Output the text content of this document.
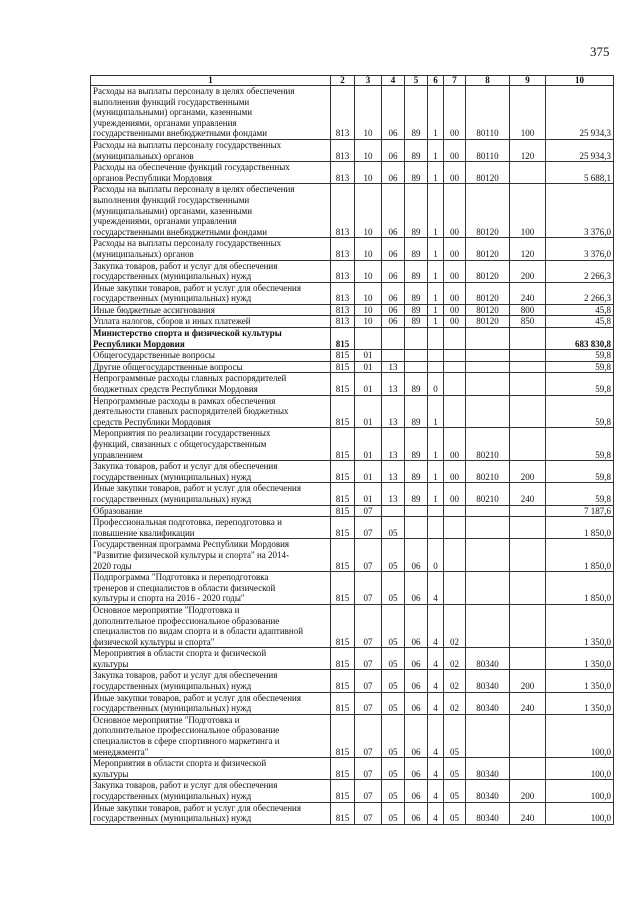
375
1	2	3	4	5	6	7	8	9	10
Расходы на выплаты персоналу в целях обеспечения
выполнения функций государственными
(муниципальными) органами, казенными
учреждениями, органами управления
государственными внебюджетными фондами	813	10	06	89	1	00	80110	100	25 934,3
Расходы на выплаты персоналу государственных
(муниципальных) органов	813	10	06	89	1	00	80110	120	25 934,3
Расходы на обеспечение функций государственных
органов Республики Мордовия	813	10	06	89	1	00	80120		5 688,1
Расходы на выплаты персоналу в целях обеспечения
выполнения функций государственными
(муниципальными) органами, казенными
учреждениями, органами управления
государственными внебюджетными фондами	813	10	06	89	1	00	80120	100	3 376,0
Расходы на выплаты персоналу государственных
(муниципальных) органов	813	10	06	89	1	00	80120	120	3 376,0
Закупка товаров, работ и услуг для обеспечения
государственных (муниципальных) нужд	813	10	06	89	1	00	80120	200	2 266,3
Иные закупки товаров, работ и услуг для обеспечения
государственных (муниципальных) нужд	813	10	06	89	1	00	80120	240	2 266,3
Иные бюджетные ассигнования	813	10	06	89	1	00	80120	800	45,8
Уплата налогов, сборов и иных платежей	813	10	06	89	1	00	80120	850	45,8
Министерство спорта и физической культуры
Республики Мордовия	815								683 830,8
Общегосударственные вопросы	815	01							59,8
Другие общегосударственные вопросы	815	01	13						59,8
Непрограммные расходы главных распорядителей
бюджетных средств Республики Мордовия	815	01	13	89	0				59,8
Непрограммные расходы в рамках обеспечения
деятельности главных распорядителей бюджетных
средств Республики Мордовия	815	01	13	89	1				59,8
Мероприятия по реализации государственных
функций, связанных с общегосударственным
управлением	815	01	13	89	1	00	80210		59,8
Закупка товаров, работ и услуг для обеспечения
государственных (муниципальных) нужд	815	01	13	89	1	00	80210	200	59,8
Иные закупки товаров, работ и услуг для обеспечения
государственных (муниципальных) нужд	815	01	13	89	1	00	80210	240	59,8
Образование	815	07							7 187,6
Профессиональная подготовка, переподготовка и
повышение квалификации	815	07	05						1 850,0
Государственная программа Республики Мордовия
"Развитие физической культуры и спорта" на 2014-
2020 годы	815	07	05	06	0				1 850,0
Подпрограмма "Подготовка и переподготовка
тренеров и специалистов в области физической
культуры и спорта на 2016 - 2020 годы"	815	07	05	06	4				1 850,0
Основное мероприятие "Подготовка и
дополнительное профессиональное образование
специалистов по видам спорта и в области адаптивной
физической культуры и спорта"	815	07	05	06	4	02			1 350,0
Мероприятия в области спорта и физической
культуры	815	07	05	06	4	02	80340		1 350,0
Закупка товаров, работ и услуг для обеспечения
государственных (муниципальных) нужд	815	07	05	06	4	02	80340	200	1 350,0
Иные закупки товаров, работ и услуг для обеспечения
государственных (муниципальных) нужд	815	07	05	06	4	02	80340	240	1 350,0
Основное мероприятие "Подготовка и
дополнительное профессиональное образование
специалистов в сфере спортивного маркетинга и
менеджмента"	815	07	05	06	4	05			100,0
Мероприятия в области спорта и физической
культуры	815	07	05	06	4	05	80340		100,0
Закупка товаров, работ и услуг для обеспечения
государственных (муниципальных) нужд	815	07	05	06	4	05	80340	200	100,0
Иные закупки товаров, работ и услуг для обеспечения
государственных (муниципальных) нужд	815	07	05	06	4	05	80340	240	100,0
